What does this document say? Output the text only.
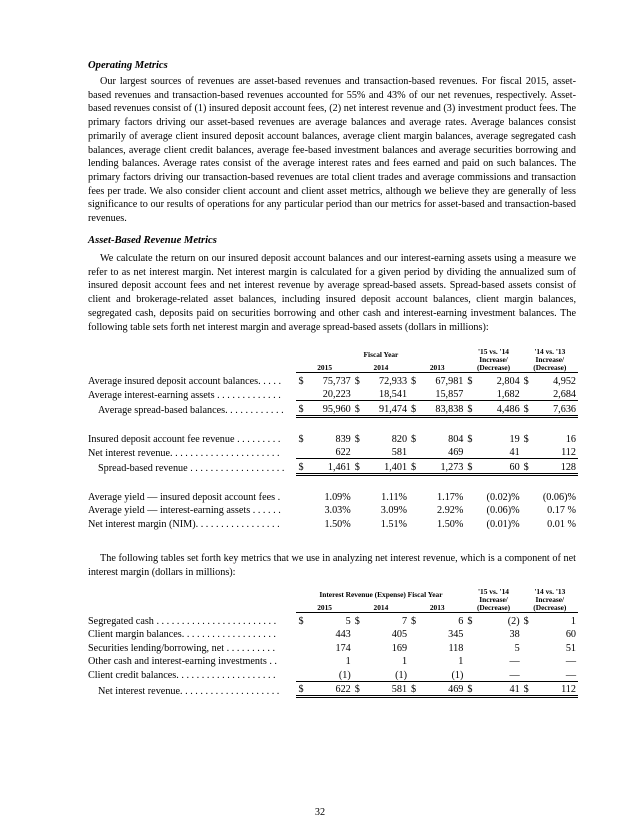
Operating Metrics

Our largest sources of revenues are asset-based revenues and transaction-based revenues. For fiscal 2015, asset-based revenues and transaction-based revenues accounted for 55% and 43% of our net revenues, respectively. Asset-based revenues consist of (1) insured deposit account fees, (2) net interest revenue and (3) investment product fees. The primary factors driving our asset-based revenues are average balances and average rates. Average balances consist primarily of average client insured deposit account balances, average client margin balances, average segregated cash balances, average client credit balances, average fee-based investment balances and average securities borrowing and lending balances. Average rates consist of the average interest rates and fees earned and paid on such balances. The primary factors driving our transaction-based revenues are total client trades and average commissions and transaction fees per trade. We also consider client account and client asset metrics, although we believe they are generally of less significance to our results of operations for any particular period than our metrics for asset-based and transaction-based revenues.

Asset-Based Revenue Metrics

We calculate the return on our insured deposit account balances and our interest-earning assets using a measure we refer to as net interest margin. Net interest margin is calculated for a given period by dividing the annualized sum of insured deposit account fees and net interest revenue by average spread-based assets. Spread-based assets consist of client and brokerage-related asset balances, including insured deposit account balances, client margin balances, segregated cash, deposits paid on securities borrowing and other cash and interest-earning investment balances. The following table sets forth net interest margin and average spread-based assets (dollars in millions):

	Fiscal Year						'15 vs. '14 Increase/ (Decrease)		'14 vs. '13 Increase/ (Decrease)	
	2015		2014		2013					
Average insured deposit account balances. . . . .	$	75,737	$	72,933	$	67,981	$	2,804	$	4,952
Average interest-earning assets . . . . . . . . . . . . .		20,223		18,541		15,857		1,682		2,684
Average spread-based balances. . . . . . . . . . . .	$	95,960	$	91,474	$	83,838	$	4,486	$	7,636

Insured deposit account fee revenue . . . . . . . . .	$	839	$	820	$	804	$	19	$	16
Net interest revenue. . . . . . . . . . . . . . . . . . . . . .		622		581		469		41		112
Spread-based revenue . . . . . . . . . . . . . . . . . . .	$	1,461	$	1,401	$	1,273	$	60	$	128

Average yield — insured deposit account fees .		1.09%		1.11%		1.17%		(0.02)%		(0.06)%
Average yield — interest-earning assets . . . . . .		3.03%		3.09%		2.92%		(0.06)%		0.17 %
Net interest margin (NIM). . . . . . . . . . . . . . . . .		1.50%		1.51%		1.50%		(0.01)%		0.01 %

The following tables set forth key metrics that we use in analyzing net interest revenue, which is a component of net interest margin (dollars in millions):

	Interest Revenue (Expense) Fiscal Year						'15 vs. '14 Increase/ (Decrease)		'14 vs. '13 Increase/ (Decrease)	
	2015		2014		2013					
Segregated cash . . . . . . . . . . . . . . . . . . . . . . . .	$	5	$	7	$	6	$	(2)	$	1
Client margin balances. . . . . . . . . . . . . . . . . . .		443		405		345		38		60
Securities lending/borrowing, net . . . . . . . . . .		174		169		118		5		51
Other cash and interest-earning investments . .		1		1		1		—		—
Client credit balances. . . . . . . . . . . . . . . . . . . .		(1)		(1)		(1)		—		—
Net interest revenue. . . . . . . . . . . . . . . . . . . .	$	622	$	581	$	469	$	41	$	112
32
